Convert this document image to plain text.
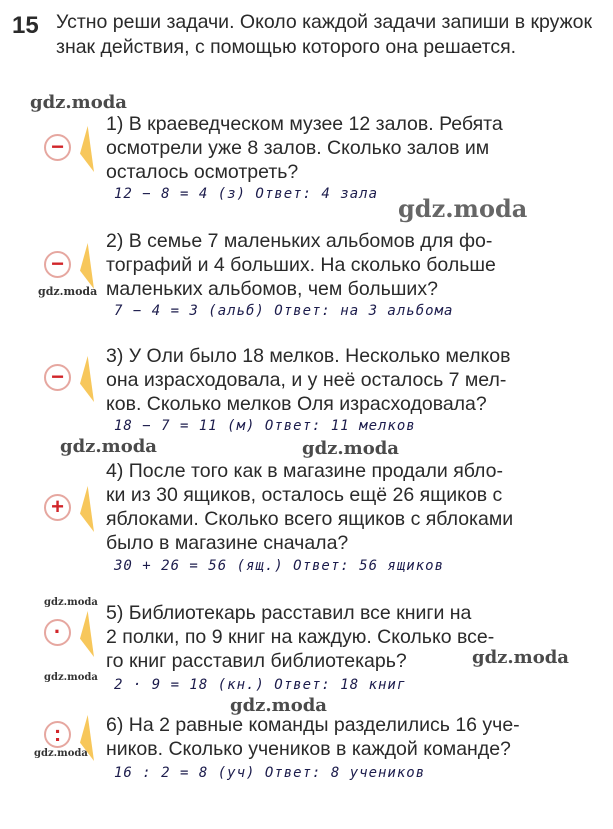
15 Устно реши задачи. Около каждой задачи запиши в кружок знак действия, с помощью которого она решается.
−
1) В краеведческом музее 12 залов. Ребята
осмотрели уже 8 залов. Сколько залов им
осталось осмотреть?
12 − 8 = 4 (з) Ответ: 4 зала
−
2) В семье 7 маленьких альбомов для фо-
тографий и 4 больших. На сколько больше
маленьких альбомов, чем больших?
7 − 4 = 3 (альб) Ответ: на 3 альбома
−
3) У Оли было 18 мелков. Несколько мелков
она израсходовала, и у неё осталось 7 мел-
ков. Сколько мелков Оля израсходовала?
18 − 7 = 11 (м) Ответ: 11 мелков
+
4) После того как в магазине продали ябло-
ки из 30 ящиков, осталось ещё 26 ящиков с
яблоками. Сколько всего ящиков с яблоками
было в магазине сначала?
30 + 26 = 56 (ящ.) Ответ: 56 ящиков
·
5) Библиотекарь расставил все книги на
2 полки, по 9 книг на каждую. Сколько все-
го книг расставил библиотекарь?
2 · 9 = 18 (кн.) Ответ: 18 книг
:	6) На 2 равные команды разделились 16 уче-
ников. Сколько учеников в каждой команде?
16 : 2 = 8 (уч) Ответ: 8 учеников
gdz.moda
gdz.moda
gdz.moda
gdz.moda	gdz.moda
gdz.moda
gdz.moda
gdz.moda
gdz.moda
gdz.moda
